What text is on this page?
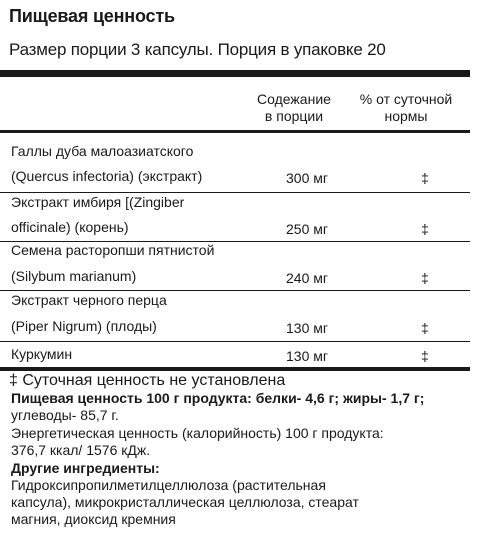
Пищевая ценность
Размер порции 3 капсулы. Порция в упаковке 20
Содежание
в порции
% от суточной
нормы
Галлы дуба малоазиатского
(Quercus infectoria) (экстракт)	300 мг	‡
Экстракт имбиря [(Zingiber
officinale) (корень)	250 мг	‡
Семена расторопши пятнистой
(Silybum marianum)	240 мг	‡
Экстракт черного перца
(Piper Nigrum) (плоды)	130 мг	‡
Куркумин	130 мг	‡
‡ Суточная ценность не установлена
Пищевая ценность 100 г продукта: белки- 4,6 г; жиры- 1,7 г;
углеводы- 85,7 г.
Энергетическая ценность (калорийность) 100 г продукта:
376,7 ккал/ 1576 кДж.
Другие ингредиенты:
Гидроксипропилметилцеллюлоза (растительная
капсула), микрокристаллическая целлюлоза, стеарат
магния, диоксид кремния
